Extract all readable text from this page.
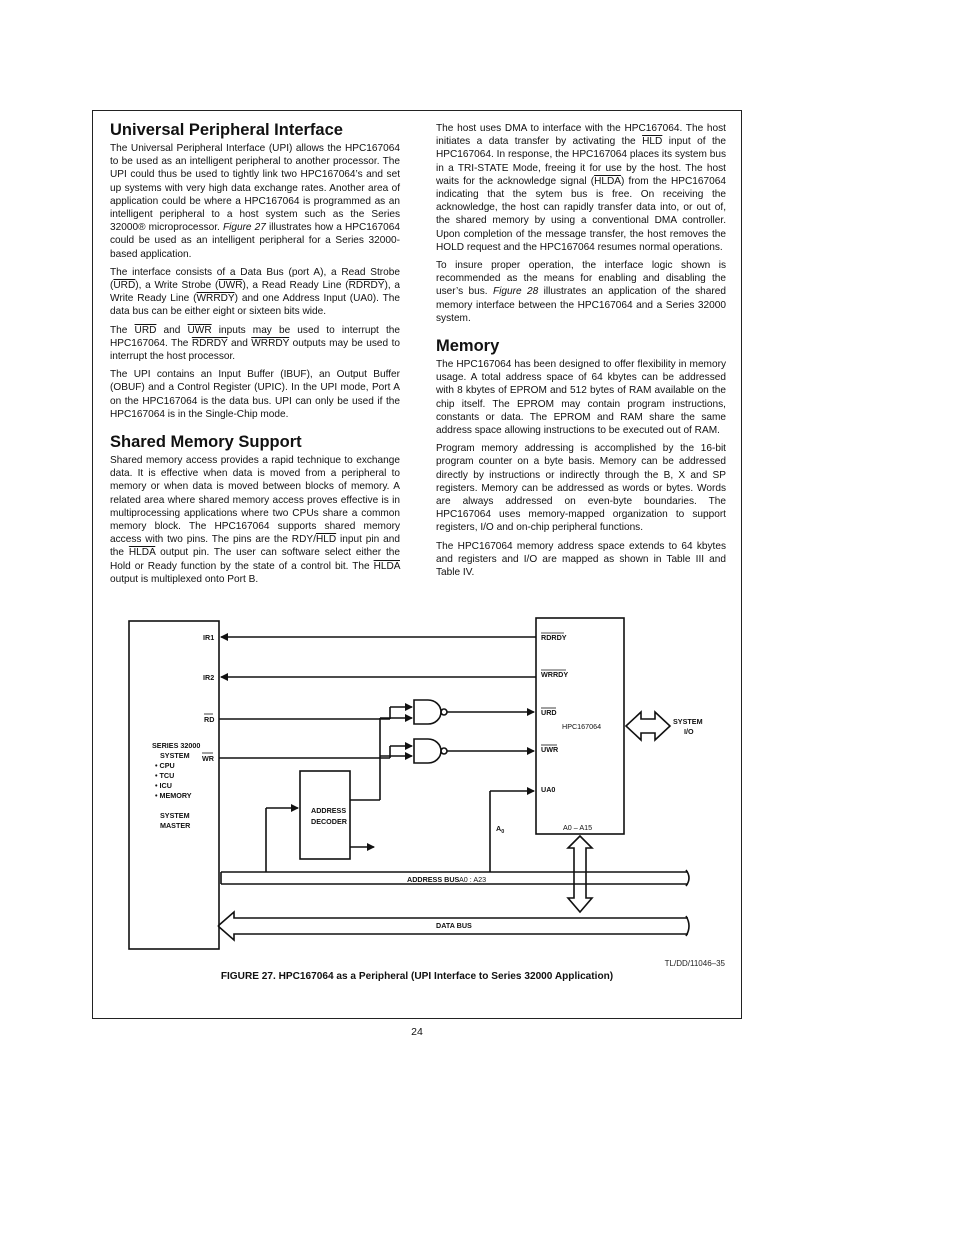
Universal Peripheral Interface

The Universal Peripheral Interface (UPI) allows the HPC167064 to be used as an intelligent peripheral to another processor. The UPI could thus be used to tightly link two HPC167064’s and set up systems with very high data exchange rates. Another area of application could be where a HPC167064 is programmed as an intelligent peripheral to a host system such as the Series 32000® microprocessor. Figure 27 illustrates how a HPC167064 could be used as an intelligent peripheral for a Series 32000-based application.

The interface consists of a Data Bus (port A), a Read Strobe $(\overline{URD})$, a Write Strobe $(\overline{UWR})$, a Read Ready Line (RDRDY), a Write Ready Line (WRRDY) and one Address Input (UA0). The data bus can be either eight or sixteen bits wide.

The $\overline{URD}$ and $\overline{UWR}$ inputs may be used to interrupt the HPC167064. The RDRDY and WRRDY outputs may be used to interrupt the host processor.

The UPI contains an Input Buffer (IBUF), an Output Buffer (OBUF) and a Control Register (UPIC). In the UPI mode, Port A on the HPC167064 is the data bus. UPI can only be used if the HPC167064 is in the Single-Chip mode.

Shared Memory Support

Shared memory access provides a rapid technique to exchange data. It is effective when data is moved from a peripheral to memory or when data is moved between blocks of memory. A related area where shared memory access proves effective is in multiprocessing applications where two CPUs share a common memory block. The HPC167064 supports shared memory access with two pins. The pins are the RDY/$\overline{HLD}$ input pin and the HLDA output pin. The user can software select either the Hold or Ready function by the state of a control bit. The HLDA output is multiplexed onto Port B.

The host uses DMA to interface with the HPC167064. The host initiates a data transfer by activating the $\overline{HLD}$ input of the HPC167064. In response, the HPC167064 places its system bus in a TRI-STATE Mode, freeing it for use by the host. The host waits for the acknowledge signal (HLDA) from the HPC167064 indicating that the sytem bus is free. On receiving the acknowledge, the host can rapidly transfer data into, or out of, the shared memory by using a conventional DMA controller. Upon completion of the message transfer, the host removes the HOLD request and the HPC167064 resumes normal operations.

To insure proper operation, the interface logic shown is recommended as the means for enabling and disabling the user’s bus. Figure 28 illustrates an application of the shared memory interface between the HPC167064 and a Series 32000 system.

Memory

The HPC167064 has been designed to offer flexibility in memory usage. A total address space of 64 kbytes can be addressed with 8 kbytes of EPROM and 512 bytes of RAM available on the chip itself. The EPROM may contain program instructions, constants or data. The EPROM and RAM share the same address space allowing instructions to be executed out of RAM.

Program memory addressing is accomplished by the 16-bit program counter on a byte basis. Memory can be addressed directly by instructions or indirectly through the B, X and SP registers. Memory can be addressed as words or bytes. Words are always addressed on even-byte boundaries. The HPC167064 uses memory-mapped organization to support registers, I/O and on-chip peripheral functions.

The HPC167064 memory address space extends to 64 kbytes and registers and I/O are mapped as shown in Table III and Table IV.

SERIES 32000
SYSTEM
• CPU
• TCU
• ICU
• MEMORY
SYSTEM
MASTER
IR1
IR2
RD
WR
ADDRESS
DECODER
$A_0$
RDRDY
WRRDY
URD
UWR
UA0
SYSTEM
I/O
ADDRESS BUS
DATA BUS
HPC167064
A0 – A15
A0 : A23
TL/DD/11046–35
FIGURE 27. HPC167064 as a Peripheral (UPI Interface to Series 32000 Application)
24
